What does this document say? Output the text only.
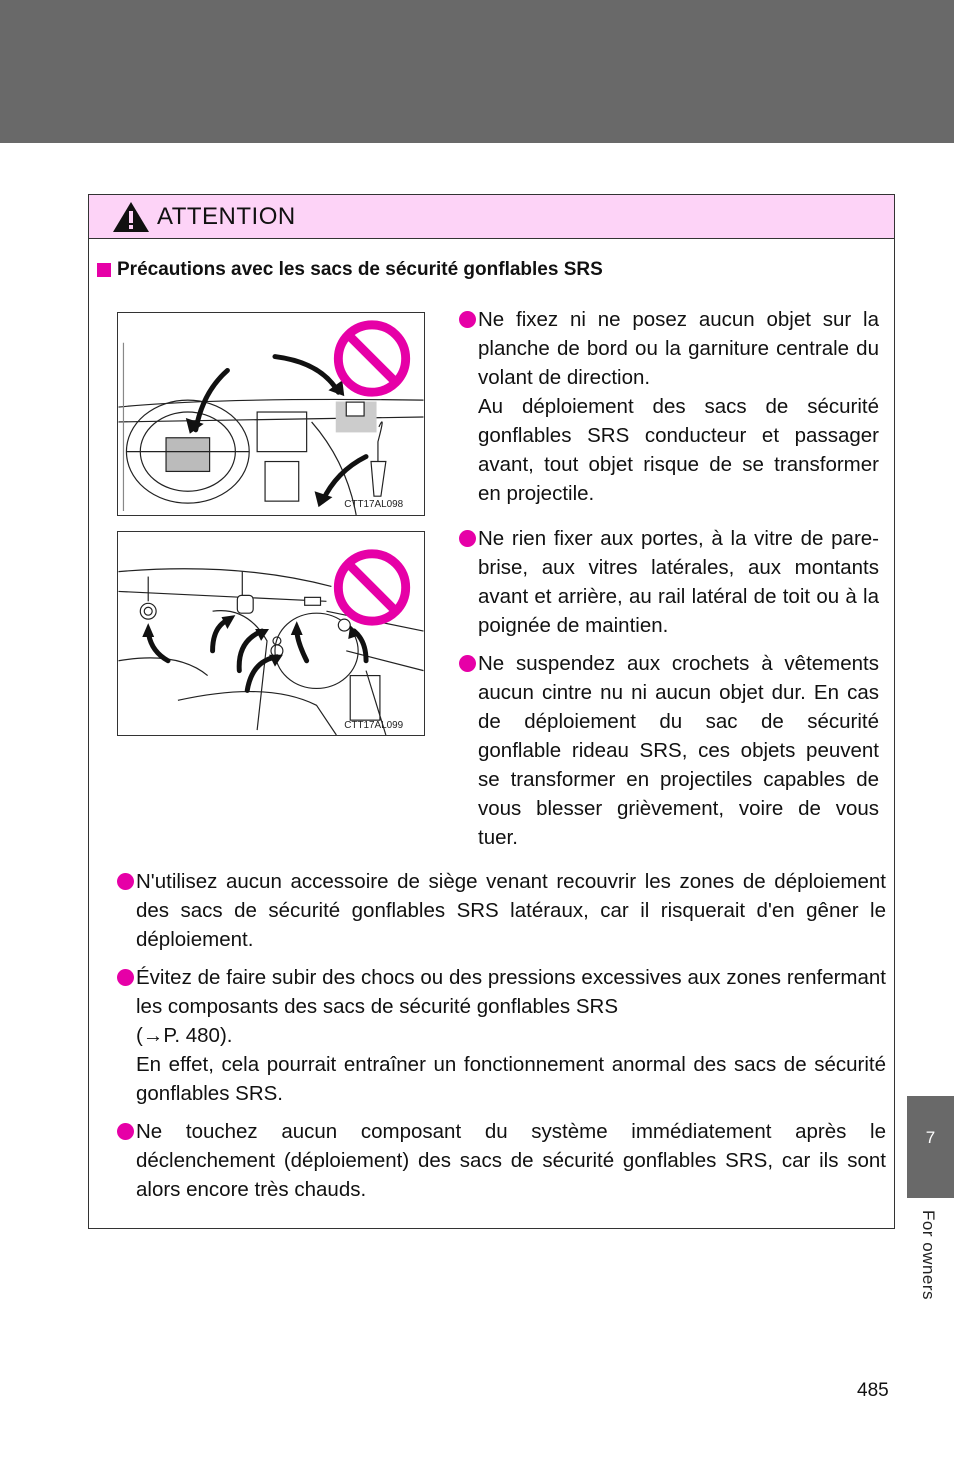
ATTENTION
Précautions avec les sacs de sécurité gonflables SRS
CTT17AL098
CTT17AL099

Ne fixez ni ne posez aucun objet sur la planche de bord ou la garniture centrale du volant de direction.

Au déploiement des sacs de sécurité gonflables SRS conducteur et passager avant, tout objet risque de se transformer en projectile.

Ne rien fixer aux portes, à la vitre de pare-brise, aux vitres latérales, aux montants avant et arrière, au rail latéral de toit ou à la poignée de maintien.

Ne suspendez aux crochets à vêtements aucun cintre nu ni aucun objet dur. En cas de déploiement du sac de sécurité gonflable rideau SRS, ces objets peuvent se transformer en projectiles capables de vous blesser grièvement, voire de vous tuer.

N'utilisez aucun accessoire de siège venant recouvrir les zones de déploiement des sacs de sécurité gonflables SRS latéraux, car il risquerait d'en gêner le déploiement.

Évitez de faire subir des chocs ou des pressions excessives aux zones renfermant les composants des sacs de sécurité gonflables SRS

(→P. 480).

En effet, cela pourrait entraîner un fonctionnement anormal des sacs de sécurité gonflables SRS.

Ne touchez aucun composant du système immédiatement après le déclenchement (déploiement) des sacs de sécurité gonflables SRS, car ils sont alors encore très chauds.

7
For owners
485
